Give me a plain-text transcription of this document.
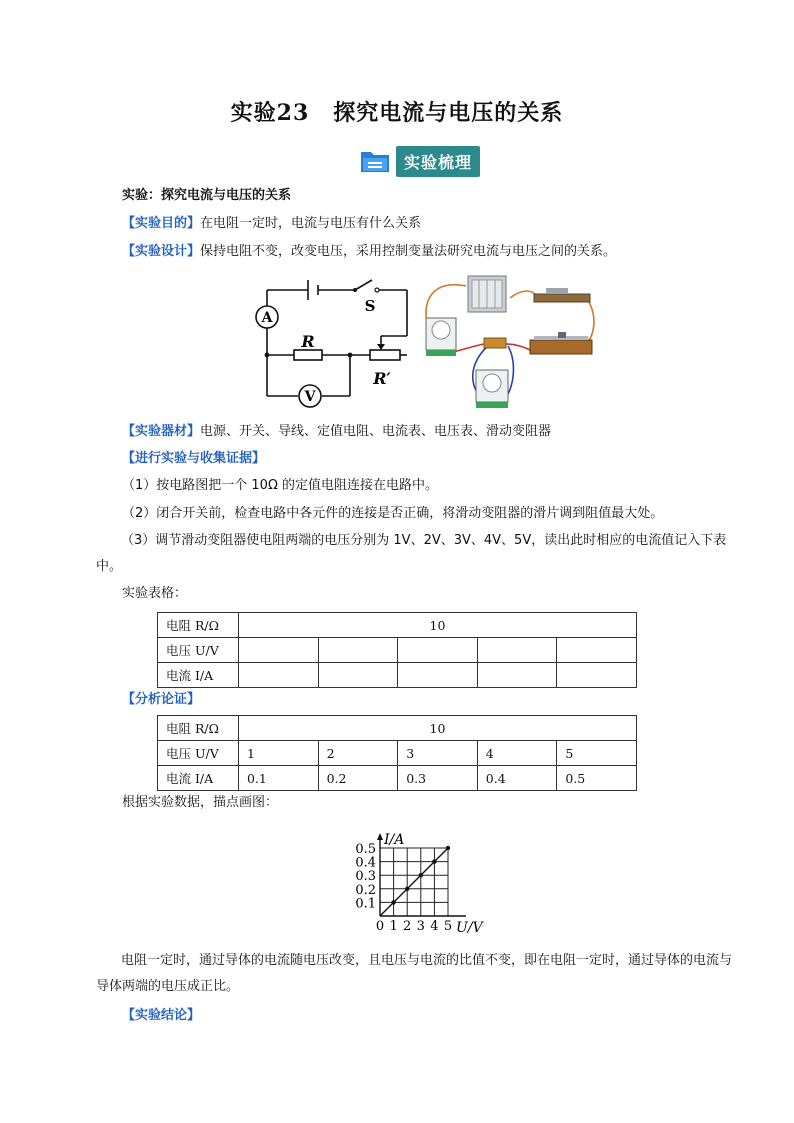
实验23 探究电流与电压的关系
实验梳理
实验：探究电流与电压的关系
【实验目的】在电阻一定时，电流与电压有什么关系
【实验设计】保持电阻不变，改变电压，采用控制变量法研究电流与电压之间的关系。
A
V
S
R
R′
【实验器材】电源、开关、导线、定值电阻、电流表、电压表、滑动变阻器
【进行实验与收集证据】
（1）按电路图把一个 10Ω 的定值电阻连接在电路中。
（2）闭合开关前，检查电路中各元件的连接是否正确，将滑动变阻器的滑片调到阻值最大处。
（3）调节滑动变阻器使电阻两端的电压分别为 1V、2V、3V、4V、5V，读出此时相应的电流值记入下表中。
实验表格：
电阻 R/Ω	10				
电压 U/V					
电流 I/A					
【分析论证】
电阻 R/Ω	10				
电压 U/V	1	2	3	4	5
电流 I/A	0.1	0.2	0.3	0.4	0.5
根据实验数据，描点画图：
0 1 2 3 4 5
0.1
0.2
0.3
0.4
0.5
I/A
U/V
电阻一定时，通过导体的电流随电压改变，且电压与电流的比值不变，即在电阻一定时，通过导体的电流与导体两端的电压成正比。
【实验结论】
